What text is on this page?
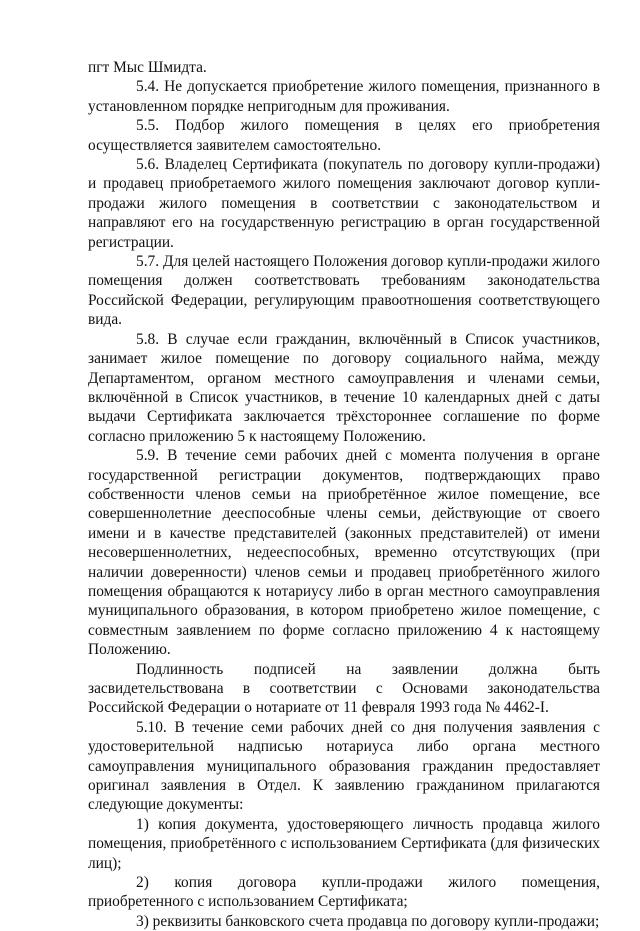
пгт Мыс Шмидта.

5.4. Не допускается приобретение жилого помещения, признанного в установленном порядке непригодным для проживания.

5.5. Подбор жилого помещения в целях его приобретения осуществляется заявителем самостоятельно.

5.6. Владелец Сертификата (покупатель по договору купли-продажи) и продавец приобретаемого жилого помещения заключают договор купли-продажи жилого помещения в соответствии с законодательством и направляют его на государственную регистрацию в орган государственной регистрации.

5.7. Для целей настоящего Положения договор купли-продажи жилого помещения должен соответствовать требованиям законодательства Российской Федерации, регулирующим правоотношения соответствующего вида.

5.8. В случае если гражданин, включённый в Список участников, занимает жилое помещение по договору социального найма, между Департаментом, органом местного самоуправления и членами семьи, включённой в Список участников, в течение 10 календарных дней с даты выдачи Сертификата заключается трёхстороннее соглашение по форме согласно приложению 5 к настоящему Положению.

5.9. В течение семи рабочих дней с момента получения в органе государственной регистрации документов, подтверждающих право собственности членов семьи на приобретённое жилое помещение, все совершеннолетние дееспособные члены семьи, действующие от своего имени и в качестве представителей (законных представителей) от имени несовершеннолетних, недееспособных, временно отсутствующих (при наличии доверенности) членов семьи и продавец приобретённого жилого помещения обращаются к нотариусу либо в орган местного самоуправления муниципального образования, в котором приобретено жилое помещение, с совместным заявлением по форме согласно приложению 4 к настоящему Положению.

Подлинность подписей на заявлении должна быть засвидетельствована в соответствии с Основами законодательства Российской Федерации о нотариате от 11 февраля 1993 года № 4462-I.

5.10. В течение семи рабочих дней со дня получения заявления с удостоверительной надписью нотариуса либо органа местного самоуправления муниципального образования гражданин предоставляет оригинал заявления в Отдел. К заявлению гражданином прилагаются следующие документы:

1) копия документа, удостоверяющего личность продавца жилого помещения, приобретённого с использованием Сертификата (для физических лиц);

2) копия договора купли-продажи жилого помещения, приобретенного с использованием Сертификата;

3) реквизиты банковского счета продавца по договору купли-продажи;
